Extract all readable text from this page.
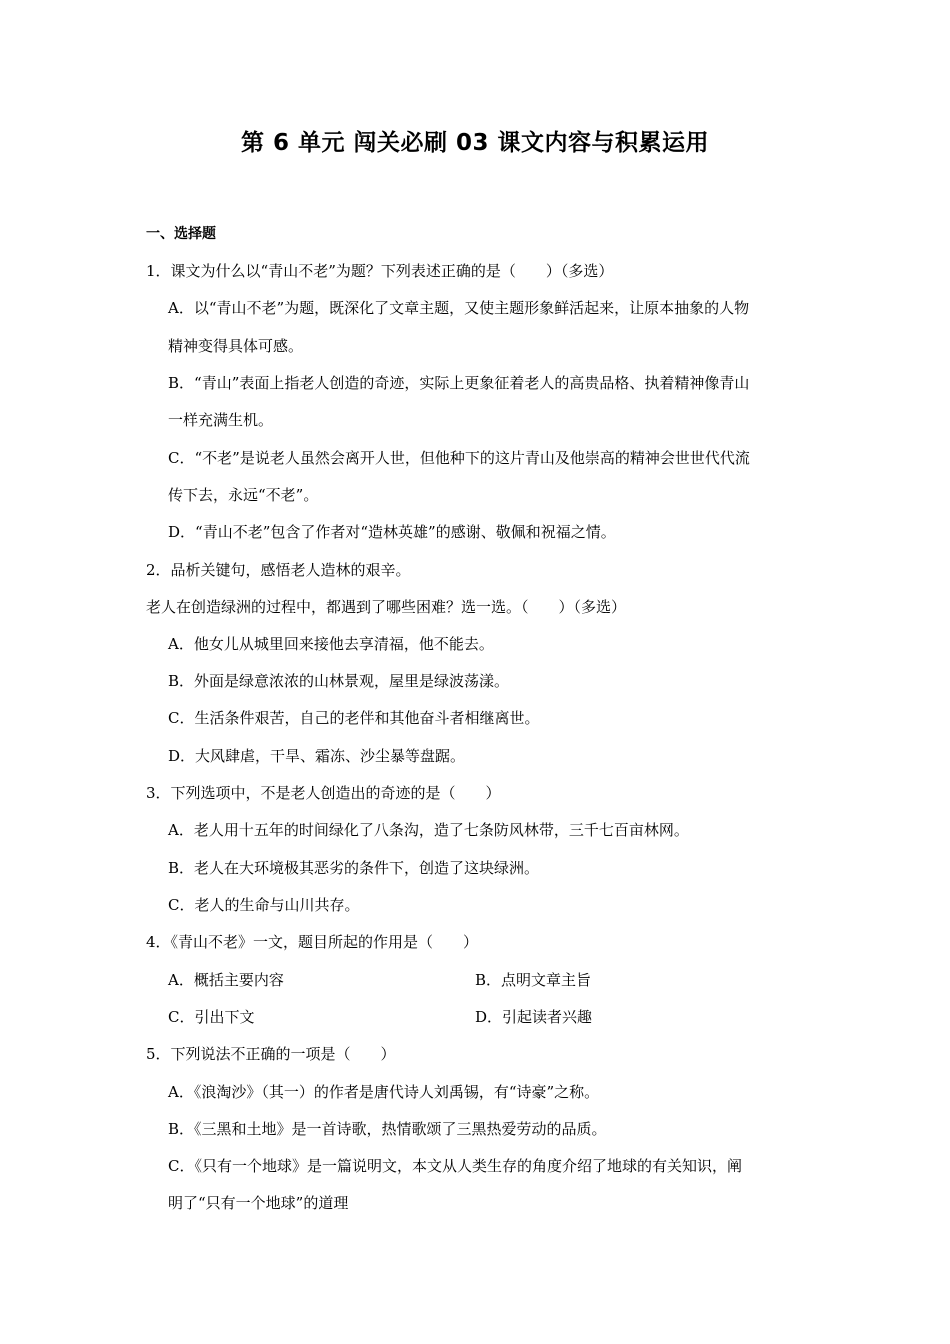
第 6 单元 闯关必刷 03 课文内容与积累运用
一、选择题
1．课文为什么以“青山不老”为题？下列表述正确的是（　　）（多选）
A．以“青山不老”为题，既深化了文章主题，又使主题形象鲜活起来，让原本抽象的人物
精神变得具体可感。
B．“青山”表面上指老人创造的奇迹，实际上更象征着老人的高贵品格、执着精神像青山
一样充满生机。
C．“不老”是说老人虽然会离开人世，但他种下的这片青山及他崇高的精神会世世代代流
传下去，永远“不老”。
D．“青山不老”包含了作者对“造林英雄”的感谢、敬佩和祝福之情。
2．品析关键句，感悟老人造林的艰辛。
老人在创造绿洲的过程中，都遇到了哪些困难？选一选。（　　）（多选）
A．他女儿从城里回来接他去享清福，他不能去。
B．外面是绿意浓浓的山林景观，屋里是绿波荡漾。
C．生活条件艰苦，自己的老伴和其他奋斗者相继离世。
D．大风肆虐，干旱、霜冻、沙尘暴等盘踞。
3．下列选项中，不是老人创造出的奇迹的是（　　）
A．老人用十五年的时间绿化了八条沟，造了七条防风林带，三千七百亩林网。
B．老人在大环境极其恶劣的条件下，创造了这块绿洲。
C．老人的生命与山川共存。
4．《青山不老》一文，题目所起的作用是（　　）
A．概括主要内容	B．点明文章主旨
C．引出下文	D．引起读者兴趣
5．下列说法不正确的一项是（　　）
A．《浪淘沙》（其一）的作者是唐代诗人刘禹锡，有“诗豪”之称。
B．《三黑和土地》是一首诗歌，热情歌颂了三黑热爱劳动的品质。
C．《只有一个地球》是一篇说明文，本文从人类生存的角度介绍了地球的有关知识，阐
明了“只有一个地球”的道理
